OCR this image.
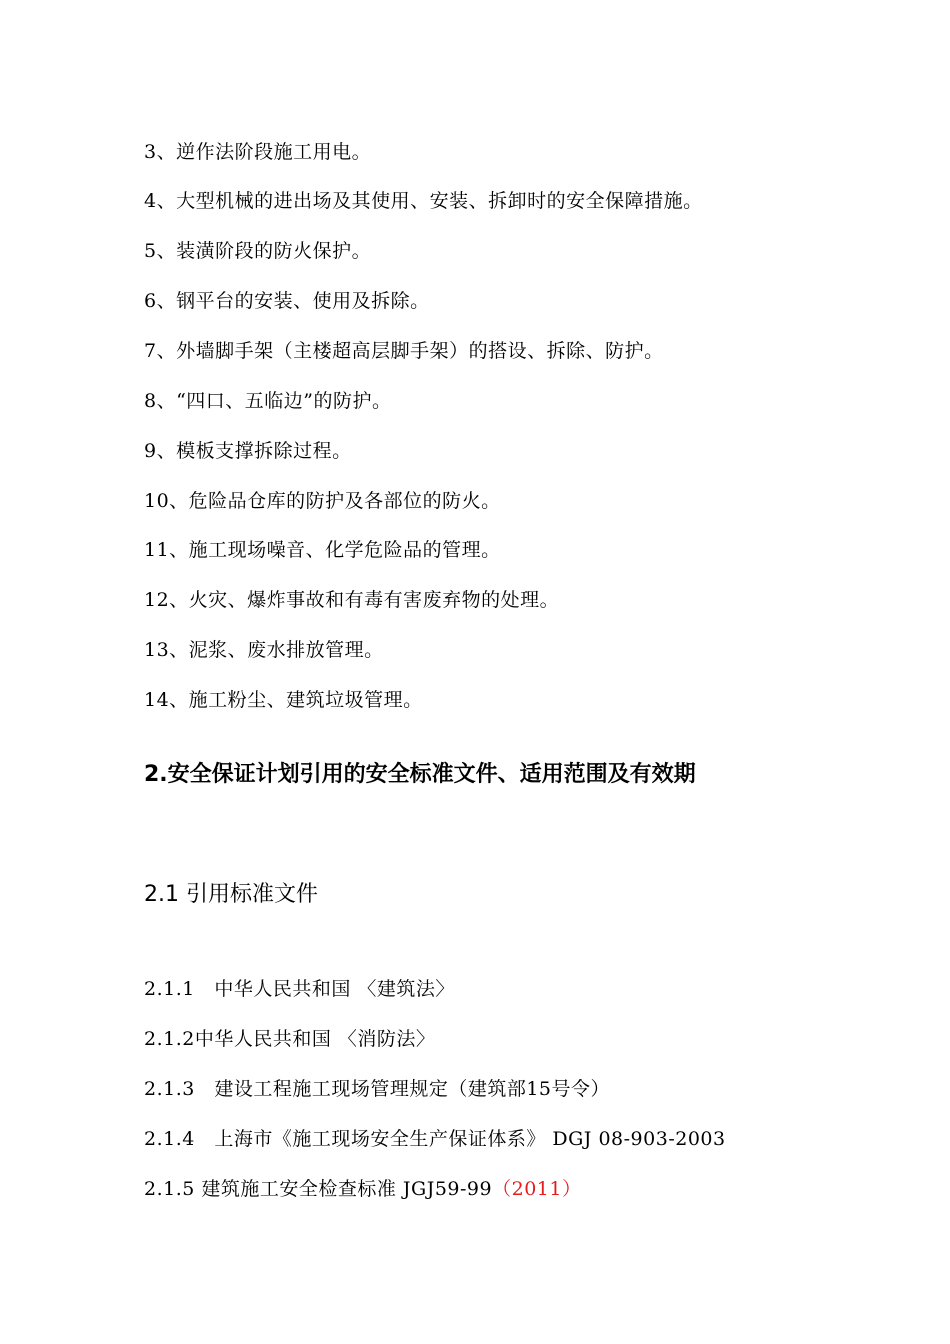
3、逆作法阶段施工用电。
4、大型机械的进出场及其使用、安装、拆卸时的安全保障措施。
5、装潢阶段的防火保护。
6、钢平台的安装、使用及拆除。
7、外墙脚手架（主楼超高层脚手架）的搭设、拆除、防护。
8、“四口、五临边”的防护。
9、模板支撑拆除过程。
10、危险品仓库的防护及各部位的防火。
11、施工现场噪音、化学危险品的管理。
12、火灾、爆炸事故和有毒有害废弃物的处理。
13、泥浆、废水排放管理。
14、施工粉尘、建筑垃圾管理。
2.安全保证计划引用的安全标准文件、适用范围及有效期
2.1 引用标准文件
2.1.1　中华人民共和国 〈建筑法〉
2.1.2中华人民共和国 〈消防法〉
2.1.3　建设工程施工现场管理规定（建筑部15号令）
2.1.4　上海市《施工现场安全生产保证体系》 DGJ 08-903-2003
2.1.5 建筑施工安全检查标准 JGJ59-99（2011）
